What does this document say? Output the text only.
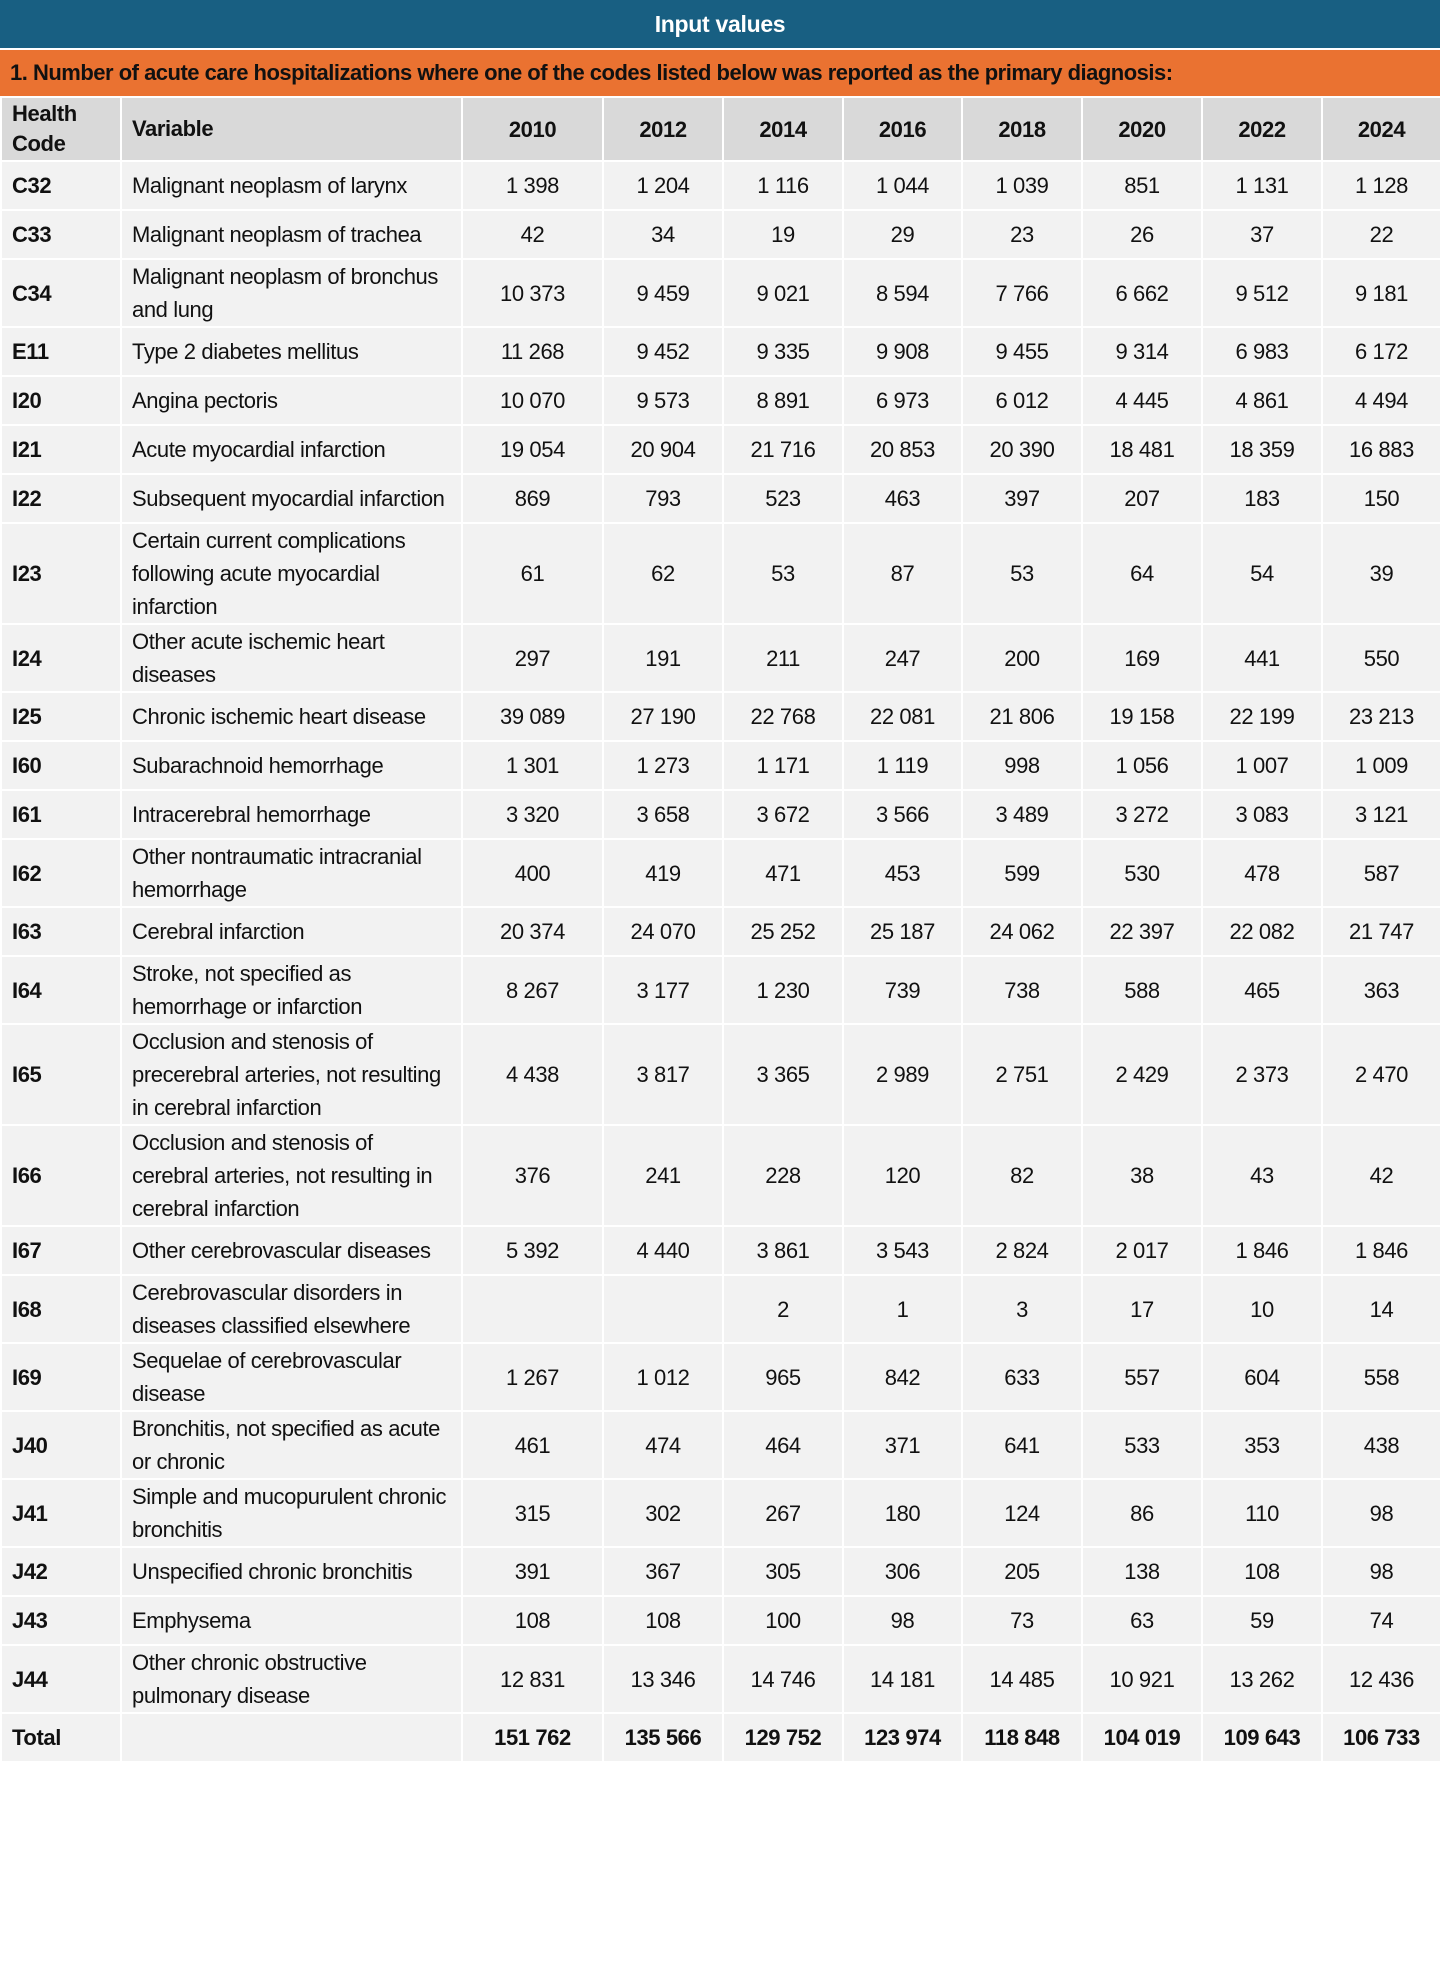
Input values
1. Number of acute care hospitalizations where one of the codes listed below was reported as the primary diagnosis:
Health Code	Variable	2010	2012	2014	2016	2018	2020	2022	2024
C32	Malignant neoplasm of larynx	1 398	1 204	1 116	1 044	1 039	851	1 131	1 128
C33	Malignant neoplasm of trachea	42	34	19	29	23	26	37	22
C34	Malignant neoplasm of bronchus and lung	10 373	9 459	9 021	8 594	7 766	6 662	9 512	9 181
E11	Type 2 diabetes mellitus	11 268	9 452	9 335	9 908	9 455	9 314	6 983	6 172
I20	Angina pectoris	10 070	9 573	8 891	6 973	6 012	4 445	4 861	4 494
I21	Acute myocardial infarction	19 054	20 904	21 716	20 853	20 390	18 481	18 359	16 883
I22	Subsequent myocardial infarction	869	793	523	463	397	207	183	150
I23	Certain current complications following acute myocardial infarction	61	62	53	87	53	64	54	39
I24	Other acute ischemic heart diseases	297	191	211	247	200	169	441	550
I25	Chronic ischemic heart disease	39 089	27 190	22 768	22 081	21 806	19 158	22 199	23 213
I60	Subarachnoid hemorrhage	1 301	1 273	1 171	1 119	998	1 056	1 007	1 009
I61	Intracerebral hemorrhage	3 320	3 658	3 672	3 566	3 489	3 272	3 083	3 121
I62	Other nontraumatic intracranial hemorrhage	400	419	471	453	599	530	478	587
I63	Cerebral infarction	20 374	24 070	25 252	25 187	24 062	22 397	22 082	21 747
I64	Stroke, not specified as hemorrhage or infarction	8 267	3 177	1 230	739	738	588	465	363
I65	Occlusion and stenosis of precerebral arteries, not resulting in cerebral infarction	4 438	3 817	3 365	2 989	2 751	2 429	2 373	2 470
I66	Occlusion and stenosis of cerebral arteries, not resulting in cerebral infarction	376	241	228	120	82	38	43	42
I67	Other cerebrovascular diseases	5 392	4 440	3 861	3 543	2 824	2 017	1 846	1 846
I68	Cerebrovascular disorders in diseases classified elsewhere			2	1	3	17	10	14
I69	Sequelae of cerebrovascular disease	1 267	1 012	965	842	633	557	604	558
J40	Bronchitis, not specified as acute or chronic	461	474	464	371	641	533	353	438
J41	Simple and mucopurulent chronic bronchitis	315	302	267	180	124	86	110	98
J42	Unspecified chronic bronchitis	391	367	305	306	205	138	108	98
J43	Emphysema	108	108	100	98	73	63	59	74
J44	Other chronic obstructive pulmonary disease	12 831	13 346	14 746	14 181	14 485	10 921	13 262	12 436
Total		151 762	135 566	129 752	123 974	118 848	104 019	109 643	106 733
